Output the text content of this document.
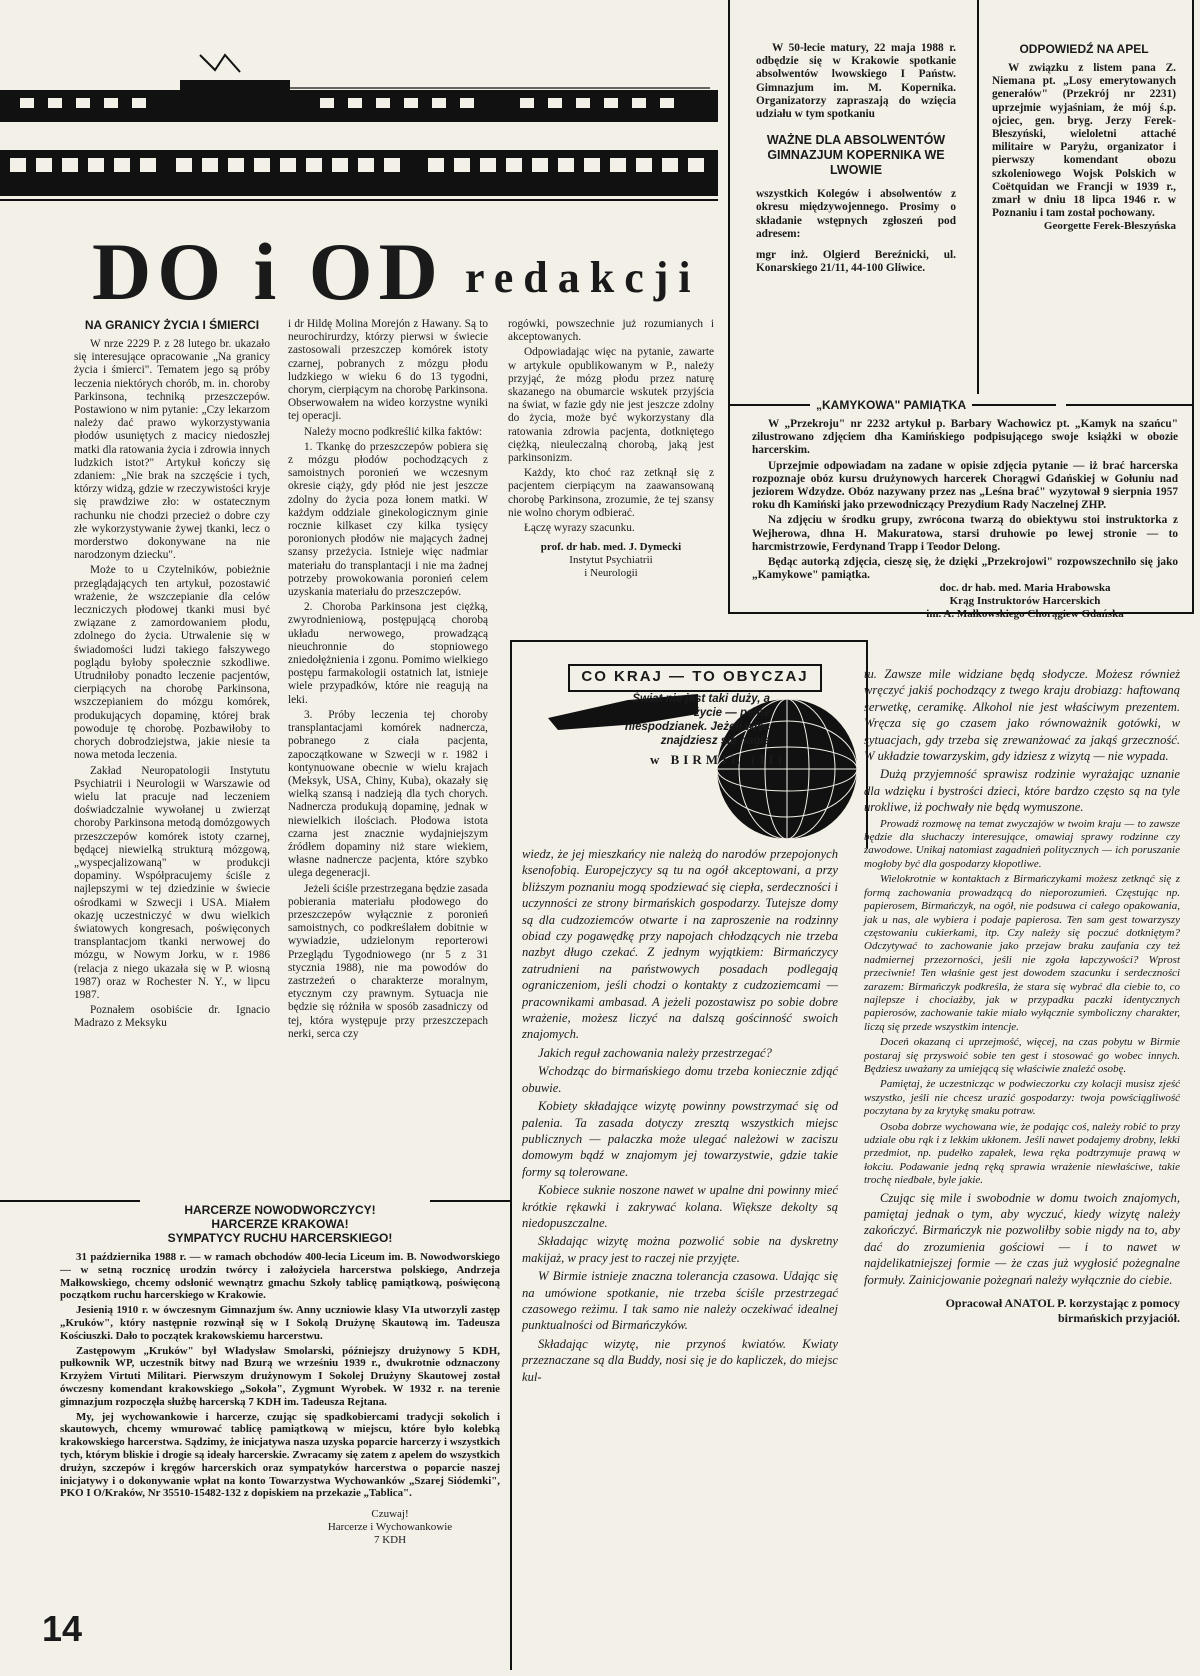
DO i OD redakcji
NA GRANICY ŻYCIA I ŚMIERCI

W nrze 2229 P. z 28 lutego br. ukazało się interesujące opracowanie „Na granicy życia i śmierci". Tematem jego są próby leczenia niektórych chorób, m. in. choroby Parkinsona, techniką przeszczepów. Postawiono w nim pytanie: „Czy lekarzom należy dać prawo wykorzystywania płodów usuniętych z macicy niedoszłej matki dla ratowania życia i zdrowia innych ludzkich istot?" Artykuł kończy się zdaniem: „Nie brak na szczęście i tych, którzy widzą, gdzie w rzeczywistości kryje się prawdziwe zło: w ostatecznym rachunku nie chodzi przecież o dobre czy złe wykorzystywanie żywej tkanki, lecz o morderstwo dokonywane na nie narodzonym dziecku".

Może to u Czytelników, pobieżnie przeglądających ten artykuł, pozostawić wrażenie, że wszczepianie dla celów leczniczych płodowej tkanki musi być związane z zamordowaniem płodu, zdolnego do życia. Utrwalenie się w świadomości ludzi takiego fałszywego poglądu byłoby społecznie szkodliwe. Utrudniłoby ponadto leczenie pacjentów, cierpiących na chorobę Parkinsona, wszczepianiem do mózgu komórek, produkujących dopaminę, której brak powoduje tę chorobę. Pozbawiłoby to chorych dobrodziejstwa, jakie niesie ta nowa metoda leczenia.

Zakład Neuropatologii Instytutu Psychiatrii i Neurologii w Warszawie od wielu lat pracuje nad leczeniem doświadczalnie wywołanej u zwierząt choroby Parkinsona metodą domózgowych przeszczepów komórek istoty czarnej, będącej niewielką strukturą mózgową, „wyspecjalizowaną" w produkcji dopaminy. Współpracujemy ściśle z najlepszymi w tej dziedzinie w świecie ośrodkami w Szwecji i USA. Miałem okazję uczestniczyć w dwu wielkich światowych kongresach, poświęconych transplantacjom tkanki nerwowej do mózgu, w Nowym Jorku, w r. 1986 (relacja z niego ukazała się w P. wiosną 1987) oraz w Rochester N. Y., w lipcu 1987.

Poznałem osobiście dr. Ignacio Madrazo z Meksyku

i dr Hildę Molina Morejón z Hawany. Są to neurochirurdzy, którzy pierwsi w świecie zastosowali przeszczep komórek istoty czarnej, pobranych z mózgu płodu ludzkiego w wieku 6 do 13 tygodni, chorym, cierpiącym na chorobę Parkinsona. Obserwowałem na wideo korzystne wyniki tej operacji.

Należy mocno podkreślić kilka faktów:

1. Tkankę do przeszczepów pobiera się z mózgu płodów pochodzących z samoistnych poronień we wczesnym okresie ciąży, gdy płód nie jest jeszcze zdolny do życia poza łonem matki. W każdym oddziale ginekologicznym ginie rocznie kilkaset czy kilka tysięcy poronionych płodów nie mających żadnej szansy przeżycia. Istnieje więc nadmiar materiału do transplantacji i nie ma żadnej potrzeby prowokowania poronień celem uzyskania materiału do przeszczepów.

2. Choroba Parkinsona jest ciężką, zwyrodnieniową, postępującą chorobą układu nerwowego, prowadzącą nieuchronnie do stopniowego zniedołężnienia i zgonu. Pomimo wielkiego postępu farmakologii ostatnich lat, istnieje wiele przypadków, które nie reagują na leki.

3. Próby leczenia tej choroby transplantacjami komórek nadnercza, pobranego z ciała pacjenta, zapoczątkowane w Szwecji w r. 1982 i kontynuowane obecnie w wielu krajach (Meksyk, USA, Chiny, Kuba), okazały się wielką szansą i nadzieją dla tych chorych. Nadnercza produkują dopaminę, jednak w niewielkich ilościach. Płodowa istota czarna jest znacznie wydajniejszym źródłem dopaminy niż stare wiekiem, własne nadnercze pacjenta, które szybko ulega degeneracji.

Jeżeli ściśle przestrzegana będzie zasada pobierania materiału płodowego do przeszczepów wyłącznie z poronień samoistnych, co podkreślałem dobitnie w wywiadzie, udzielonym reporterowi Przeglądu Tygodniowego (nr 5 z 31 stycznia 1988), nie ma powodów do zastrzeżeń o charakterze moralnym, etycznym czy prawnym. Sytuacja nie będzie się różniła w sposób zasadniczy od tej, która występuje przy przeszczepach nerki, serca czy

rogówki, powszechnie już rozumianych i akceptowanych.

Odpowiadając więc na pytanie, zawarte w artykule opublikowanym w P., należy przyjąć, że mózg płodu przez naturę skazanego na obumarcie wskutek przyjścia na świat, w fazie gdy nie jest jeszcze zdolny do życia, może być wykorzystany dla ratowania zdrowia pacjenta, dotkniętego ciężką, nieuleczalną chorobą, jaką jest parkinsonizm.

Każdy, kto choć raz zetknął się z pacjentem cierpiącym na zaawansowaną chorobę Parkinsona, zrozumie, że tej szansy nie wolno chorym odbierać.

Łączę wyrazy szacunku.

prof. dr hab. med. J. Dymecki
Instytut Psychiatrii
i Neurologii

W 50-lecie matury, 22 maja 1988 r. odbędzie się w Krakowie spotkanie absolwentów lwowskiego I Państw. Gimnazjum im. M. Kopernika. Organizatorzy zapraszają do wzięcia udziału w tym spotkaniu

WAŻNE DLA ABSOLWENTÓW GIMNAZJUM KOPERNIKA WE LWOWIE

wszystkich Kolegów i absolwentów z okresu międzywojennego. Prosimy o składanie wstępnych zgłoszeń pod adresem:

mgr inż. Olgierd Bereźnicki, ul. Konarskiego 21/11, 44-100 Gliwice.

ODPOWIEDŹ NA APEL

W związku z listem pana Z. Niemana pt. „Losy emerytowanych generałów" (Przekrój nr 2231) uprzejmie wyjaśniam, że mój ś.p. ojciec, gen. bryg. Jerzy Ferek-Błeszyński, wieloletni attaché militaire w Paryżu, organizator i pierwszy komendant obozu szkoleniowego Wojsk Polskich w Coëtquidan we Francji w 1939 r., zmarł w dniu 18 lipca 1946 r. w Poznaniu i tam został pochowany.

Georgette Ferek-Błeszyńska
„KAMYKOWA" PAMIĄTKA

W „Przekroju" nr 2232 artykuł p. Barbary Wachowicz pt. „Kamyk na szańcu" zilustrowano zdjęciem dha Kamińskiego podpisującego swoje książki w obozie harcerskim.

Uprzejmie odpowiadam na zadane w opisie zdjęcia pytanie — iż brać harcerska rozpoznaje obóz kursu drużynowych harcerek Chorągwi Gdańskiej w Gołuniu nad jeziorem Wdzydze. Obóz nazywany przez nas „Leśna brać" wyzytował 9 sierpnia 1957 roku dh Kamiński jako przewodniczący Prezydium Rady Naczelnej ZHP.

Na zdjęciu w środku grupy, zwrócona twarzą do obiektywu stoi instruktorka z Wejherowa, dhna H. Makuratowa, starsi druhowie po lewej stronie — to harcmistrzowie, Ferdynand Trapp i Teodor Delong.

Będąc autorką zdjęcia, cieszę się, że dzięki „Przekrojowi" rozpowszechniło się jako „Kamykowe" pamiątka.

doc. dr hab. med. Maria Hrabowska
Krąg Instruktorów Harcerskich
im. A. Małkowskiego Chorągiew Gdańska
HARCERZE NOWODWORCZYCY!
HARCERZE KRAKOWA!
SYMPATYCY RUCHU HARCERSKIEGO!

31 października 1988 r. — w ramach obchodów 400-lecia Liceum im. B. Nowodworskiego — w setną rocznicę urodzin twórcy i założyciela harcerstwa polskiego, Andrzeja Małkowskiego, chcemy odsłonić wewnątrz gmachu Szkoły tablicę pamiątkową, poświęconą początkom ruchu harcerskiego w Krakowie.

Jesienią 1910 r. w ówczesnym Gimnazjum św. Anny uczniowie klasy VIa utworzyli zastęp „Kruków", który następnie rozwinął się w I Sokolą Drużynę Skautową im. Tadeusza Kościuszki. Dało to początek krakowskiemu harcerstwu.

Zastępowym „Kruków" był Władysław Smolarski, późniejszy drużynowy 5 KDH, pułkownik WP, uczestnik bitwy nad Bzurą we wrześniu 1939 r., dwukrotnie odznaczony Krzyżem Virtuti Militari. Pierwszym drużynowym I Sokolej Drużyny Skautowej został ówczesny komendant krakowskiego „Sokoła", Zygmunt Wyrobek. W 1932 r. na terenie gimnazjum rozpoczęła służbę harcerską 7 KDH im. Tadeusza Rejtana.

My, jej wychowankowie i harcerze, czując się spadkobiercami tradycji sokolich i skautowych, chcemy wmurować tablicę pamiątkową w miejscu, które było kolebką krakowskiego harcerstwa. Sądzimy, że inicjatywa nasza uzyska poparcie harcerzy i wszystkich tych, którym bliskie i drogie są ideały harcerskie. Zwracamy się zatem z apelem do wszystkich drużyn, szczepów i kręgów harcerskich oraz sympatyków harcerstwa o poparcie naszej inicjatywy i o dokonywanie wpłat na konto Towarzystwa Wychowanków „Szarej Siódemki", PKO I O/Kraków, Nr 35510-15482-132 z dopiskiem na przekazie „Tablica".

Czuwaj!
Harcerze i Wychowankowie
7 KDH
CO KRAJ — TO OBYCZAJ
Świat nie jest taki duży, a życie — pełne niespodzianek. Jeżeli więc znajdziesz się nagle
w BIRMIE (II)

wiedz, że jej mieszkańcy nie należą do narodów przepojonych ksenofobią. Europejczycy są tu na ogół akceptowani, a przy bliższym poznaniu mogą spodziewać się ciepła, serdeczności i uczynności ze strony birmańskich gospodarzy. Tutejsze domy są dla cudzoziemców otwarte i na zaproszenie na rodzinny obiad czy pogawędkę przy napojach chłodzących nie trzeba nazbyt długo czekać. Z jednym wyjątkiem: Birmańczycy zatrudnieni na państwowych posadach podlegają ograniczeniom, jeśli chodzi o kontakty z cudzoziemcami — pracownikami ambasad. A jeżeli pozostawisz po sobie dobre wrażenie, możesz liczyć na dalszą gościnność swoich znajomych.

Jakich reguł zachowania należy przestrzegać?

Wchodząc do birmańskiego domu trzeba koniecznie zdjąć obuwie.

Kobiety składające wizytę powinny powstrzymać się od palenia. Ta zasada dotyczy zresztą wszystkich miejsc publicznych — palaczka może ulegać należowi w zaciszu domowym bądź w znajomym jej towarzystwie, gdzie takie formy są tolerowane.

Kobiece suknie noszone nawet w upalne dni powinny mieć krótkie rękawki i zakrywać kolana. Większe dekolty są niedopuszczalne.

Składając wizytę można pozwolić sobie na dyskretny makijaż, w pracy jest to raczej nie przyjęte.

W Birmie istnieje znaczna tolerancja czasowa. Udając się na umówione spotkanie, nie trzeba ściśle przestrzegać czasowego reżimu. I tak samo nie należy oczekiwać idealnej punktualności od Birmańczyków.

Składając wizytę, nie przynoś kwiatów. Kwiaty przeznaczane są dla Buddy, nosi się je do kapliczek, do miejsc kul-

tu. Zawsze mile widziane będą słodycze. Możesz również wręczyć jakiś pochodzący z twego kraju drobiazg: haftowaną serwetkę, ceramikę. Alkohol nie jest właściwym prezentem. Wręcza się go czasem jako równoważnik gotówki, w sytuacjach, gdy trzeba się zrewanżować za jakąś grzeczność. W układzie towarzyskim, gdy idziesz z wizytą — nie wypada.

Dużą przyjemność sprawisz rodzinie wyrażając uznanie dla wdzięku i bystrości dzieci, które bardzo często są na tyle urokliwe, iż pochwały nie będą wymuszone.

Prowadź rozmowę na temat zwyczajów w twoim kraju — to zawsze będzie dla słuchaczy interesujące, omawiaj sprawy rodzinne czy zawodowe. Unikaj natomiast zagadnień politycznych — ich poruszanie mogłoby być dla gospodarzy kłopotliwe.

Wielokrotnie w kontaktach z Birmańczykami możesz zetknąć się z formą zachowania prowadzącą do nieporozumień. Częstując np. papierosem, Birmańczyk, na ogół, nie podsuwa ci całego opakowania, jak u nas, ale wybiera i podaje papierosa. Ten sam gest towarzyszy częstowaniu cukierkami, itp. Czy należy się poczuć dotkniętym? Odczytywać to zachowanie jako przejaw braku zaufania czy też nadmiernej przezorności, jeśli nie zgoła łapczywości? Wprost przeciwnie! Ten właśnie gest jest dowodem szacunku i serdeczności zarazem: Birmańczyk podkreśla, że stara się wybrać dla ciebie to, co najlepsze i chociażby, jak w przypadku paczki identycznych papierosów, zachowanie takie miało wyłącznie symboliczny charakter, liczą się przede wszystkim intencje.

Doceń okazaną ci uprzejmość, więcej, na czas pobytu w Birmie postaraj się przyswoić sobie ten gest i stosować go wobec innych. Będziesz uważany za umiejącą się właściwie znaleźć osobę.

Pamiętaj, że uczestnicząc w podwieczorku czy kolacji musisz zjeść wszystko, jeśli nie chcesz urazić gospodarzy: twoja powściągliwość poczytana by za krytykę smaku potraw.

Osoba dobrze wychowana wie, że podając coś, należy robić to przy udziale obu rąk i z lekkim ukłonem. Jeśli nawet podajemy drobny, lekki przedmiot, np. pudełko zapałek, lewa ręka podtrzymuje prawą w łokciu. Podawanie jedną ręką sprawia wrażenie niewłaściwe, takie trochę niedbałe, byle jakie.

Czując się mile i swobodnie w domu twoich znajomych, pamiętaj jednak o tym, aby wyczuć, kiedy wizytę należy zakończyć. Birmańczyk nie pozwoliłby sobie nigdy na to, aby dać do zrozumienia gościowi — i to nawet w najdelikatniejszej formie — że czas już wygłosić pożegnalne formuły. Zainicjowanie pożegnań należy wyłącznie do ciebie.

Opracował ANATOL P. korzystając z pomocy birmańskich przyjaciół.
14
